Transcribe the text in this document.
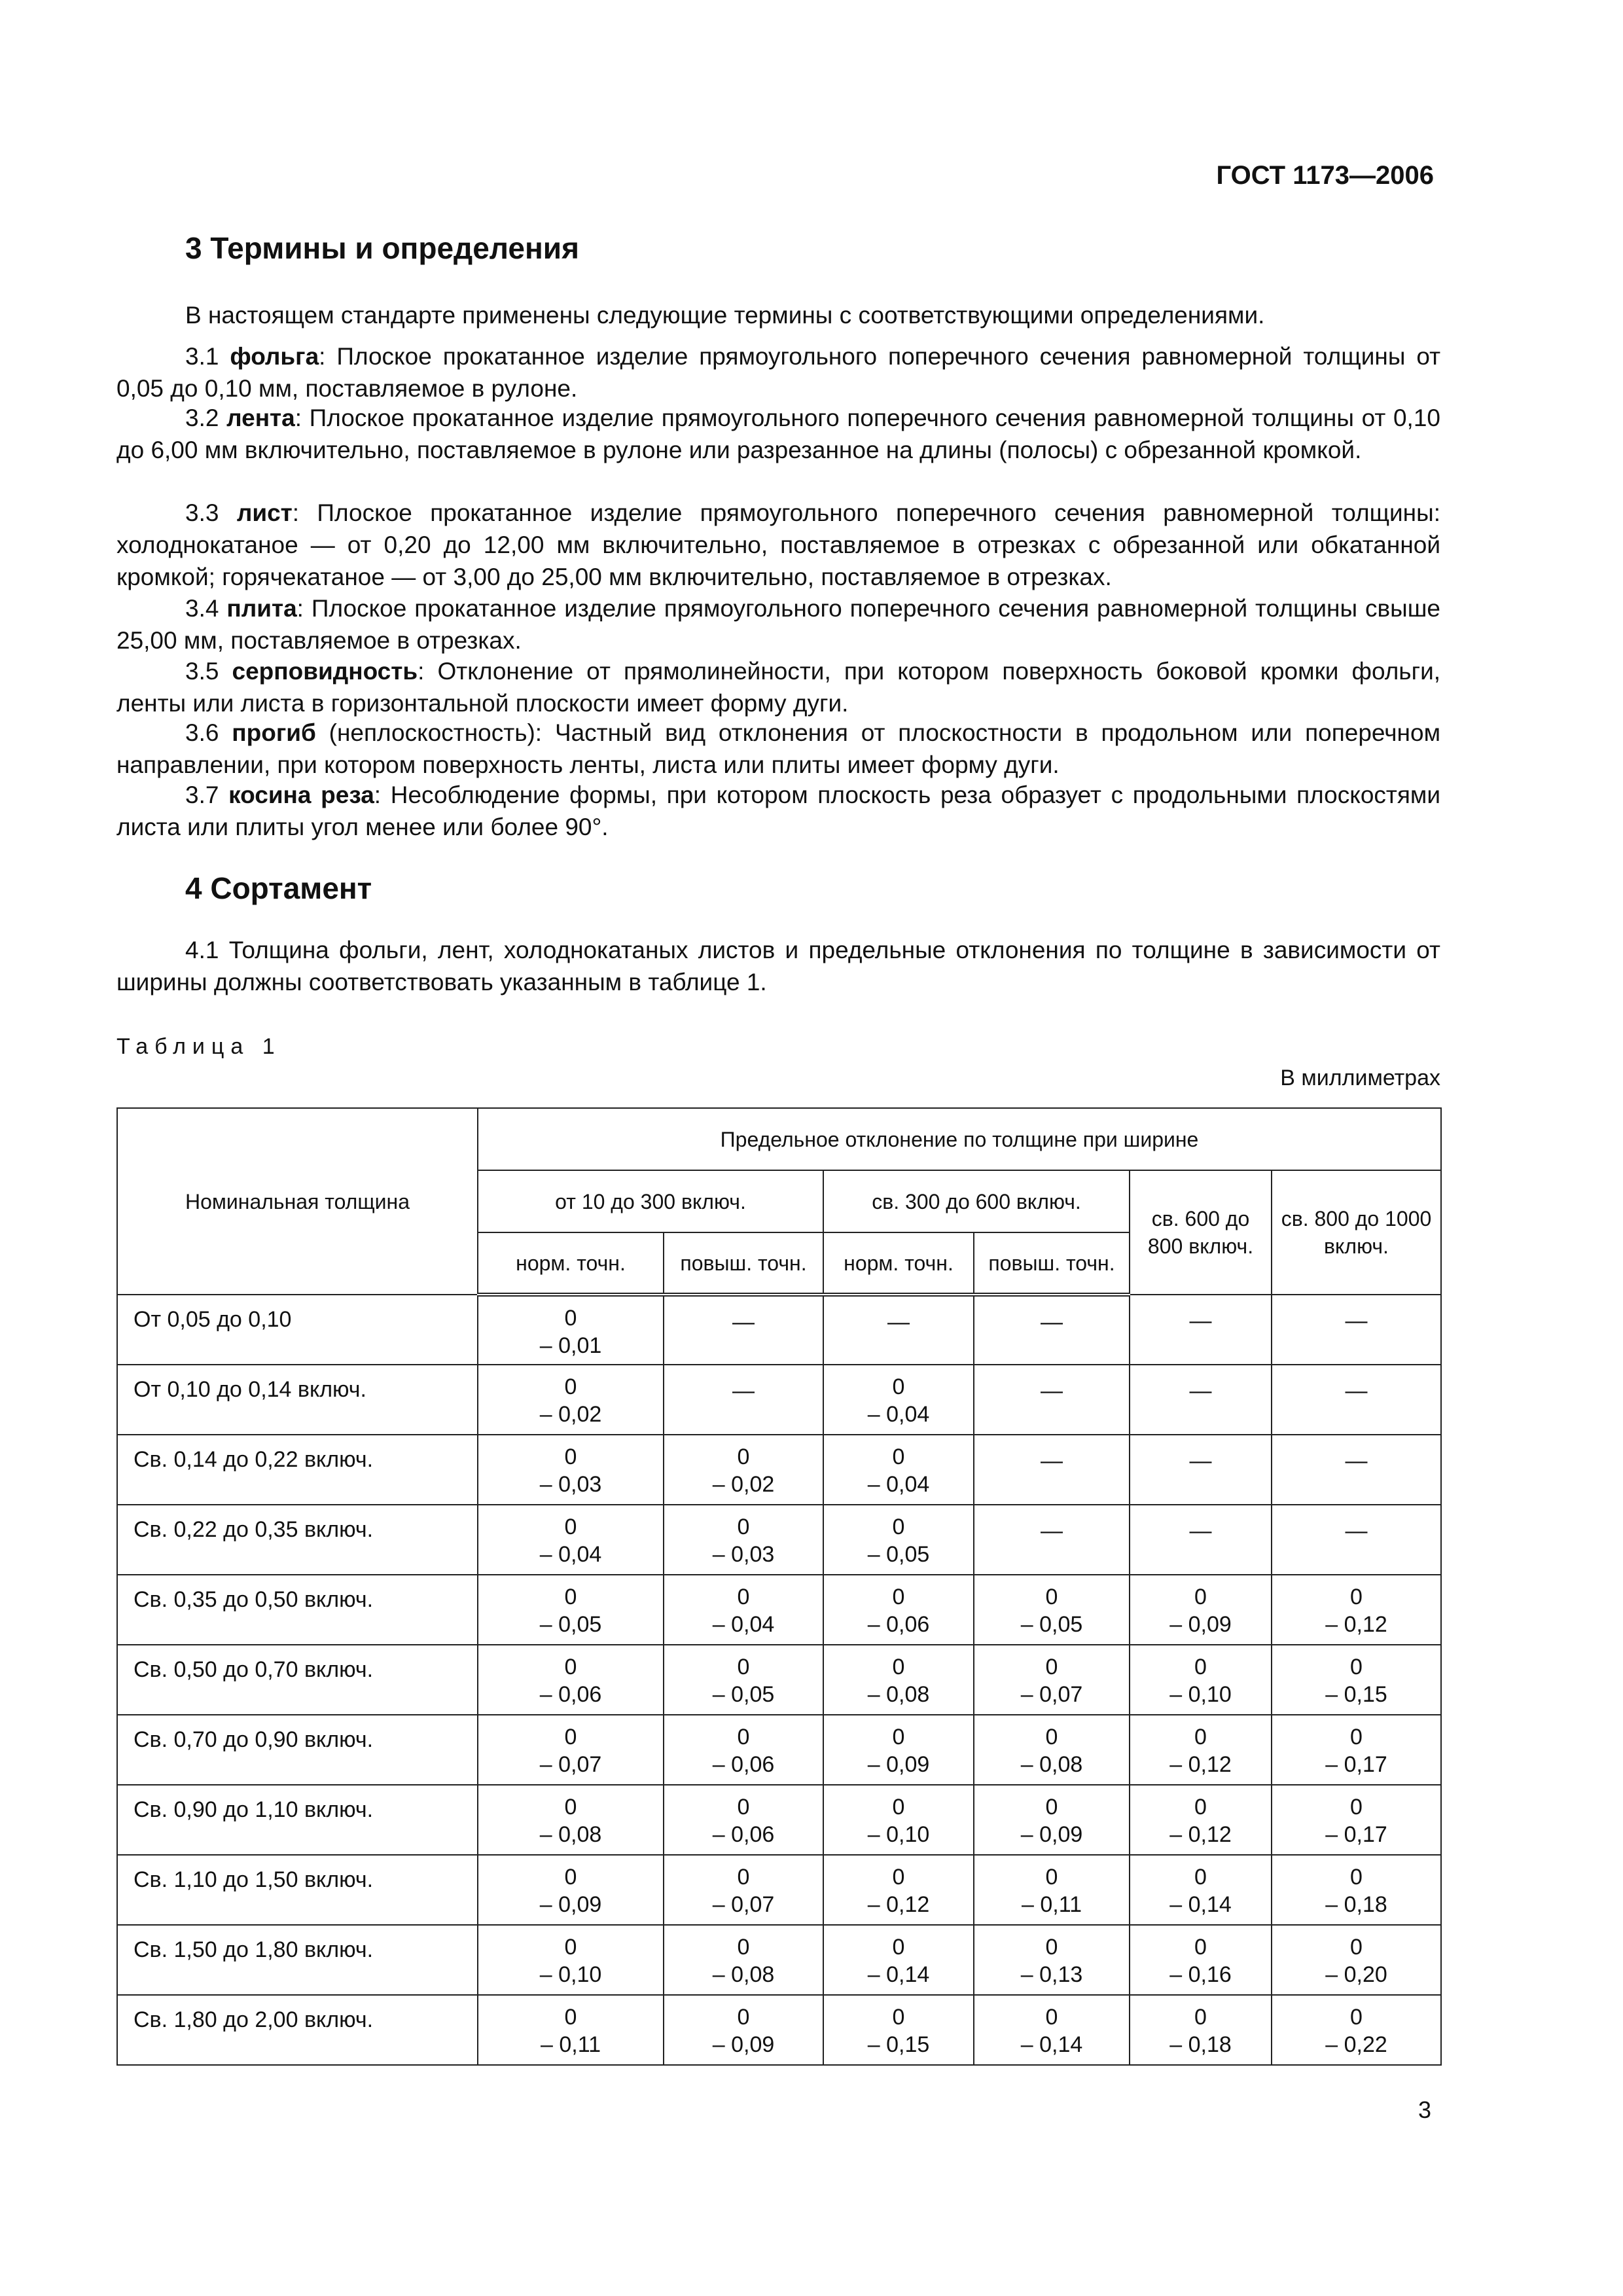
ГОСТ 1173—2006
3 Термины и определения

В настоящем стандарте применены следующие термины с соответствующими определениями.

3.1 фольга: Плоское прокатанное изделие прямоугольного поперечного сечения равномерной толщины от 0,05 до 0,10 мм, поставляемое в рулоне.

3.2 лента: Плоское прокатанное изделие прямоугольного поперечного сечения равномерной толщины от 0,10 до 6,00 мм включительно, поставляемое в рулоне или разрезанное на длины (полосы) с обрезанной кромкой.

3.3 лист: Плоское прокатанное изделие прямоугольного поперечного сечения равномерной толщины: холоднокатаное — от 0,20 до 12,00 мм включительно, поставляемое в отрезках с обрезанной или обкатанной кромкой; горячекатаное — от 3,00 до 25,00 мм включительно, поставляемое в отрезках.

3.4 плита: Плоское прокатанное изделие прямоугольного поперечного сечения равномерной толщины свыше 25,00 мм, поставляемое в отрезках.

3.5 серповидность: Отклонение от прямолинейности, при котором поверхность боковой кромки фольги, ленты или листа в горизонтальной плоскости имеет форму дуги.

3.6 прогиб (неплоскостность): Частный вид отклонения от плоскостности в продольном или поперечном направлении, при котором поверхность ленты, листа или плиты имеет форму дуги.

3.7 косина реза: Несоблюдение формы, при котором плоскость реза образует с продольными плоскостями листа или плиты угол менее или более 90°.

4 Сортамент

4.1 Толщина фольги, лент, холоднокатаных листов и предельные отклонения по толщине в зависимости от ширины должны соответствовать указанным в таблице 1.

Таблица 1
В миллиметрах
Номинальная толщина	Предельное отклонение по толщине при ширине					
	от 10 до 300 включ.		св. 300 до 600 включ.		св. 600 до 800 включ.	св. 800 до 1000 включ.
	норм. точн.	повыш. точн.	норм. точн.	повыш. точн.		
От 0,05 до 0,10	0
– 0,01	—	—	—	—	—

От 0,10 до 0,14 включ.	0
– 0,02	—	0
– 0,04	—	—	—

Св. 0,14 до 0,22 включ.	0
– 0,03	0
– 0,02	0
– 0,04	—	—	—

Св. 0,22 до 0,35 включ.	0
– 0,04	0
– 0,03	0
– 0,05	—	—	—

Св. 0,35 до 0,50 включ.	0
– 0,05	0
– 0,04	0
– 0,06	0
– 0,05	0
– 0,09	0
– 0,12

Св. 0,50 до 0,70 включ.	0
– 0,06	0
– 0,05	0
– 0,08	0
– 0,07	0
– 0,10	0
– 0,15

Св. 0,70 до 0,90 включ.	0
– 0,07	0
– 0,06	0
– 0,09	0
– 0,08	0
– 0,12	0
– 0,17

Св. 0,90 до 1,10 включ.	0
– 0,08	0
– 0,06	0
– 0,10	0
– 0,09	0
– 0,12	0
– 0,17

Св. 1,10 до 1,50 включ.	0
– 0,09	0
– 0,07	0
– 0,12	0
– 0,11	0
– 0,14	0
– 0,18

Св. 1,50 до 1,80 включ.	0
– 0,10	0
– 0,08	0
– 0,14	0
– 0,13	0
– 0,16	0
– 0,20

Св. 1,80 до 2,00 включ.	0
– 0,11	0
– 0,09	0
– 0,15	0
– 0,14	0
– 0,18	0
– 0,22
3
